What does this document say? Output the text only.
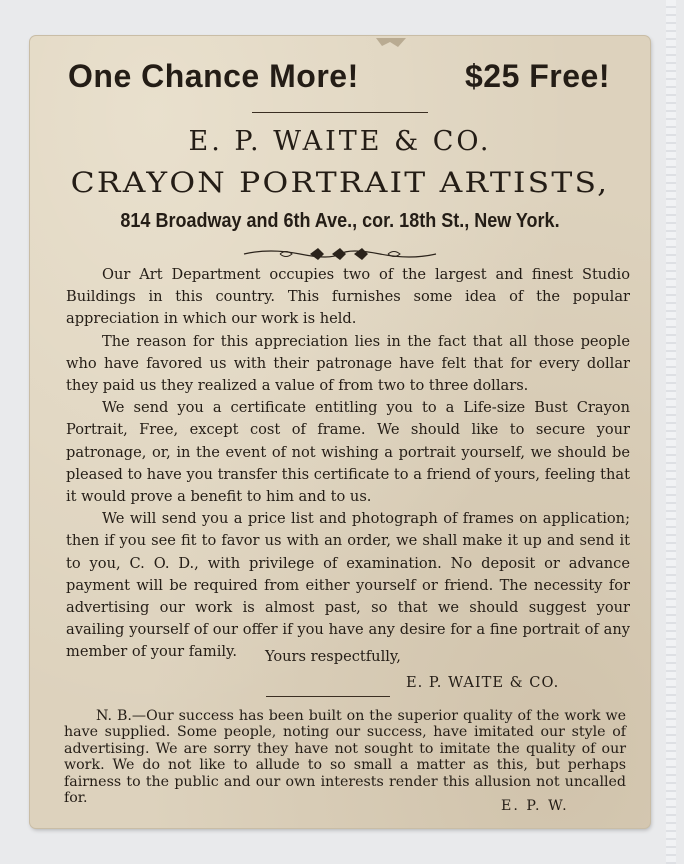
One Chance More!	$25 Free!
E. P. WAITE & CO.
CRAYON PORTRAIT ARTISTS,
814 Broadway and 6th Ave., cor. 18th St., New York.

Our Art Department occupies two of the largest and finest Studio Buildings in this country. This furnishes some idea of the popular appreciation in which our work is held.

The reason for this appreciation lies in the fact that all those people who have favored us with their patronage have felt that for every dollar they paid us they realized a value of from two to three dollars.

We send you a certificate entitling you to a Life-size Bust Crayon Portrait, Free, except cost of frame. We should like to secure your patronage, or, in the event of not wishing a portrait yourself, we should be pleased to have you transfer this certificate to a friend of yours, feeling that it would prove a benefit to him and to us.

We will send you a price list and photograph of frames on application; then if you see fit to favor us with an order, we shall make it up and send it to you, C. O. D., with privilege of examination. No deposit or advance payment will be required from either yourself or friend. The necessity for advertising our work is almost past, so that we should suggest your availing yourself of our offer if you have any desire for a fine portrait of any member of your family.	Yours respectfully,
E. P. WAITE & CO.

N. B.—Our success has been built on the superior quality of the work we have supplied. Some people, noting our success, have imitated our style of advertising. We are sorry they have not sought to imitate the quality of our work. We do not like to allude to so small a matter as this, but perhaps fairness to the public and our own interests render this allusion not uncalled for.	E. P. W.
